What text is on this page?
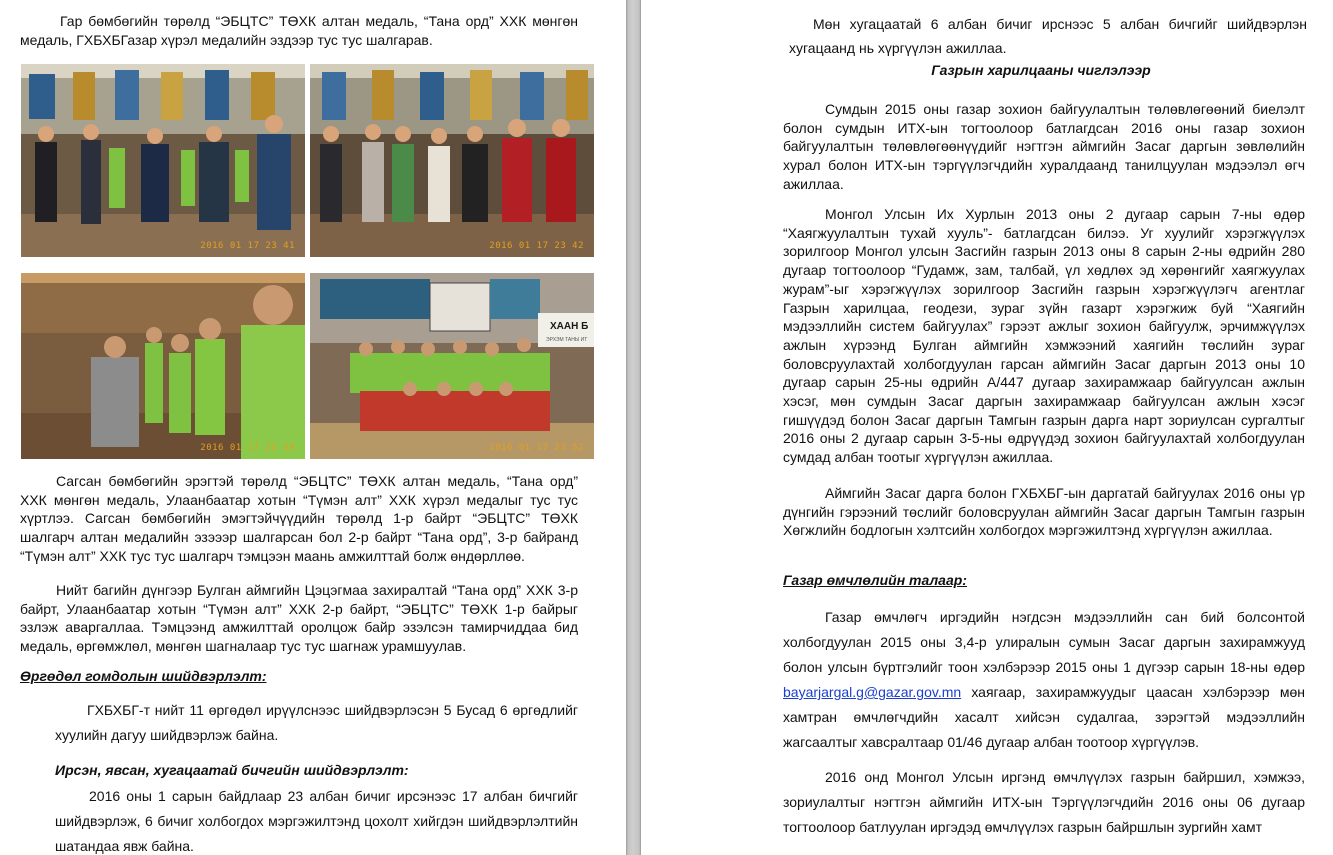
Гар бөмбөгийн төрөлд “ЭБЦТС” ТӨХК алтан медаль, “Тана орд” ХХК мөнгөн медаль, ГХБХБГазар хүрэл медалийн эздээр тус тус шалгарав.

2016 01 17 23 41	2016 01 17 23 42
2016 01 17 23 48
ХААН Б
ЭРХЭМ ТАНЫ ИТ
2016 01 17 23 52

Сагсан бөмбөгийн эрэгтэй төрөлд “ЭБЦТС” ТӨХК алтан медаль, “Тана орд” ХХК мөнгөн медаль, Улаанбаатар хотын “Түмэн алт” ХХК хүрэл медалыг тус тус хүртлээ. Сагсан бөмбөгийн эмэгтэйчүүдийн төрөлд 1-р байрт “ЭБЦТС” ТӨХК шалгарч алтан медалийн эзэээр шалгарсан бол 2-р байрт “Тана орд”, 3-р байранд “Түмэн алт” ХХК тус тус шалгарч тэмцээн маань амжилттай болж өндөрллөө.

Нийт багийн дүнгээр Булган аймгийн Цэцэгмаа захиралтай “Тана орд” ХХК 3-р байрт, Улаанбаатар хотын “Түмэн алт” ХХК 2-р байрт, “ЭБЦТС” ТӨХК 1-р байрыг эзлэж аваргаллаа. Тэмцээнд амжилттай оролцож байр эзэлсэн тамирчиддаа бид медаль, өргөмжлөл, мөнгөн шагналаар тус тус шагнаж урамшуулав.

Өргөдөл гомдолын шийдвэрлэлт:

ГХБХБГ-т нийт 11 өргөдөл ирүүлснээс шийдвэрлэсэн 5 Бусад 6 өргөдлийг хуулийн дагуу шийдвэрлэж байна.

Ирсэн, явсан, хугацаатай бичгийн шийдвэрлэлт:

2016 оны 1 сарын байдлаар 23 албан бичиг ирсэнээс 17 албан бичгийг шийдвэрлэж, 6 бичиг холбогдох мэргэжилтэнд цохолт хийгдэн шийдвэрлэлтийн шатандаа явж байна.

Мөн хугацаатай 6 албан бичиг ирснээс 5 албан бичгийг шийдвэрлэн хугацаанд нь хүргүүлэн ажиллаа.

Газрын харилцааны чиглэлээр

Сумдын 2015 оны газар зохион байгуулалтын төлөвлөгөөний биелэлт болон сумдын ИТХ-ын тогтоолоор батлагдсан 2016 оны газар зохион байгуулалтын төлөвлөгөөнүүдийг нэгтгэн аймгийн Засаг даргын зөвлөлийн хурал болон ИТХ-ын тэргүүлэгчдийн хуралдаанд танилцуулан мэдээлэл өгч ажиллаа.

Монгол Улсын Их Хурлын 2013 оны 2 дугаар сарын 7-ны өдөр “Хаягжуулалтын тухай хууль”- батлагдсан билээ. Уг хуулийг хэрэгжүүлэх зорилгоор Монгол улсын Засгийн газрын 2013 оны 8 сарын 2-ны өдрийн 280 дугаар тогтоолоор “Гудамж, зам, талбай, үл хөдлөх эд хөрөнгийг хаягжуулах журам”-ыг хэрэгжүүлэх зорилгоор Засгийн газрын хэрэгжүүлэгч агентлаг Газрын харилцаа, геодези, зураг зүйн газарт хэрэгжиж буй “Хаягийн мэдээллийн систем байгуулах” гэрээт ажлыг зохион байгуулж, эрчимжүүлэх ажлын хүрээнд Булган аймгийн хэмжээний хаягийн төслийн зураг боловсруулахтай холбогдуулан гарсан аймгийн Засаг даргын 2013 оны 10 дугаар сарын 25-ны өдрийн А/447 дугаар захирамжаар байгуулсан ажлын хэсэг, мөн сумдын Засаг даргын захирамжаар байгуулсан ажлын хэсэг гишүүдэд болон Засаг даргын Тамгын газрын дарга нарт зориулсан сургалтыг 2016 оны 2 дугаар сарын 3-5-ны өдрүүдэд зохион байгуулахтай холбогдуулан сумдад албан тоотыг хүргүүлэн ажиллаа.

Аймгийн Засаг дарга болон ГХБХБГ-ын даргатай байгуулах 2016 оны үр дүнгийн гэрээний төслийг боловсруулан аймгийн Засаг даргын Тамгын газрын Хөгжлийн бодлогын хэлтсийн холбогдох мэргэжилтэнд хүргүүлэн ажиллаа.

Газар өмчлөлийн талаар:

Газар өмчлөгч иргэдийн нэгдсэн мэдээллийн сан бий болсонтой холбогдуулан 2015 оны 3,4-р улиралын сумын Засаг даргын захирамжууд болон улсын бүртгэлийг тоон хэлбэрээр 2015 оны 1 дүгээр сарын 18-ны өдөр bayarjargal.g@gazar.gov.mn хаягаар, захирамжуудыг цаасан хэлбэрээр мөн хамтран өмчлөгчдийн хасалт хийсэн судалгаа, зэрэгтэй мэдээллийн жагсаалтыг хавсралтаар 01/46 дугаар албан тоотоор хүргүүлэв.

2016 онд Монгол Улсын иргэнд өмчлүүлэх газрын байршил, хэмжээ, зориулалтыг нэгтгэн аймгийн ИТХ-ын Тэргүүлэгчдийн 2016 оны 06 дугаар тогтоолоор батлуулан иргэдэд өмчлүүлэх газрын байршлын зургийн хамт
